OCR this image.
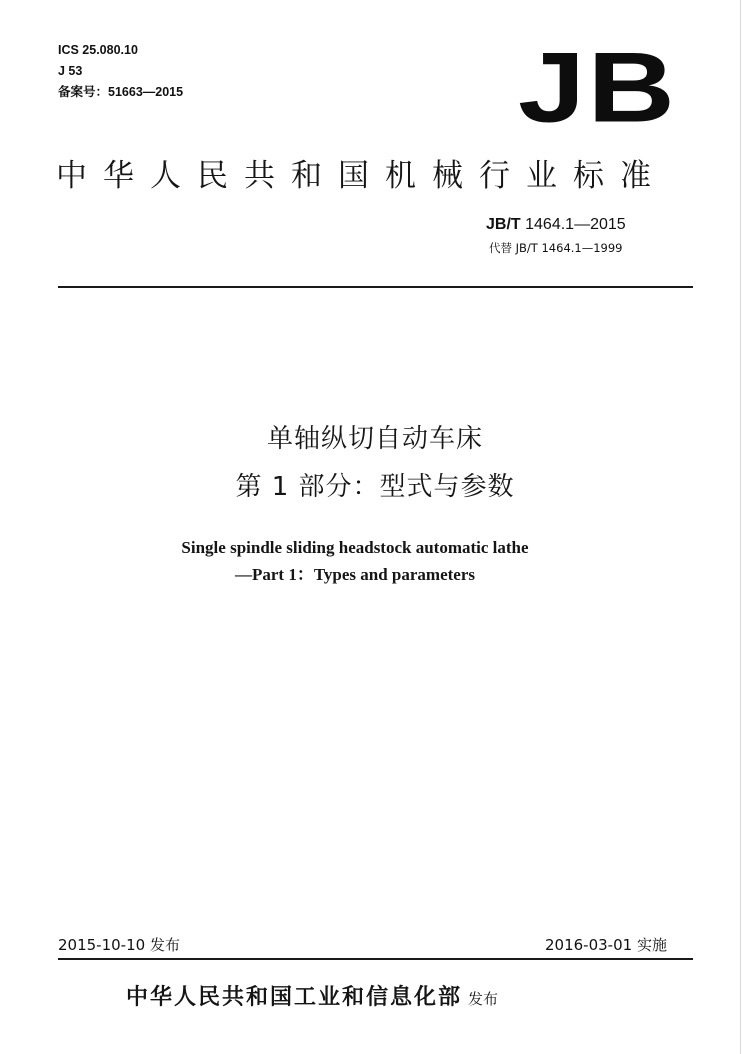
ICS 25.080.10
J 53
备案号：51663—2015	JB
中华人民共和国机械行业标准
JB/T 1464.1—2015
代替 JB/T 1464.1—1999
单轴纵切自动车床
第 1 部分：型式与参数
Single spindle sliding headstock automatic lathe
—Part 1：Types and parameters
2015-10-10 发布	2016-03-01 实施
中华人民共和国工业和信息化部 发布
